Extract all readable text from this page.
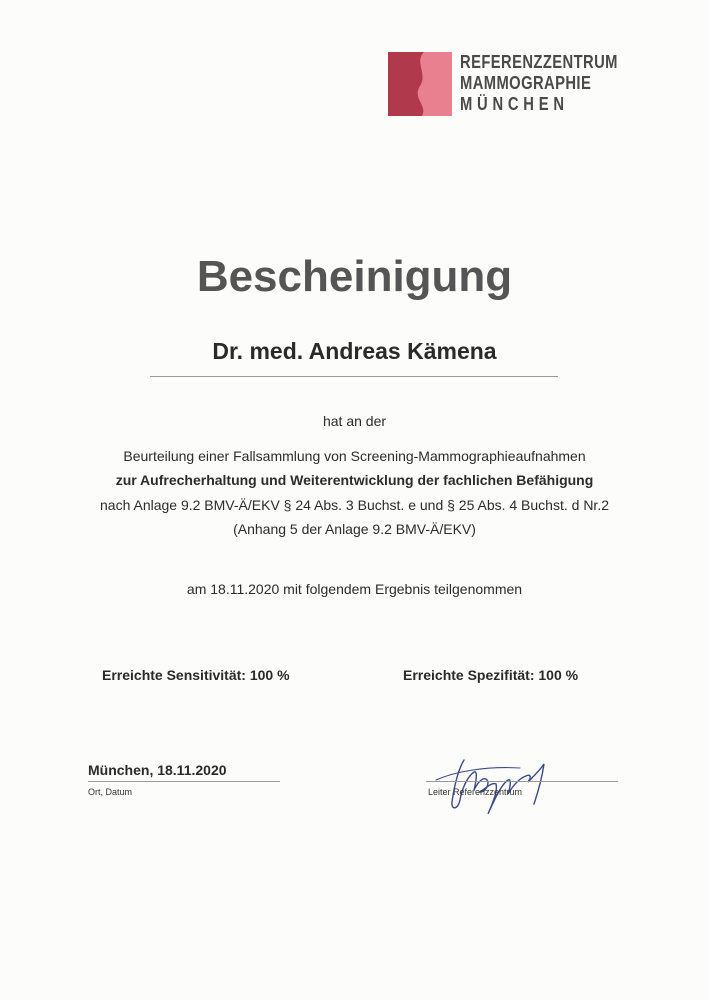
REFERENZZENTRUM
MAMMOGRAPHIE
MÜNCHEN
Bescheinigung
Dr. med. Andreas Kämena
hat an der
Beurteilung einer Fallsammlung von Screening-Mammographieaufnahmen
zur Aufrecherhaltung und Weiterentwicklung der fachlichen Befähigung
nach Anlage 9.2 BMV-Ä/EKV § 24 Abs. 3 Buchst. e und § 25 Abs. 4 Buchst. d Nr.2
(Anhang 5 der Anlage 9.2 BMV-Ä/EKV)
am 18.11.2020 mit folgendem Ergebnis teilgenommen
Erreichte Sensitivität: 100 %	Erreichte Spezifität: 100 %
München, 18.11.2020
Ort, Datum	Leiter Referenzzentrum
